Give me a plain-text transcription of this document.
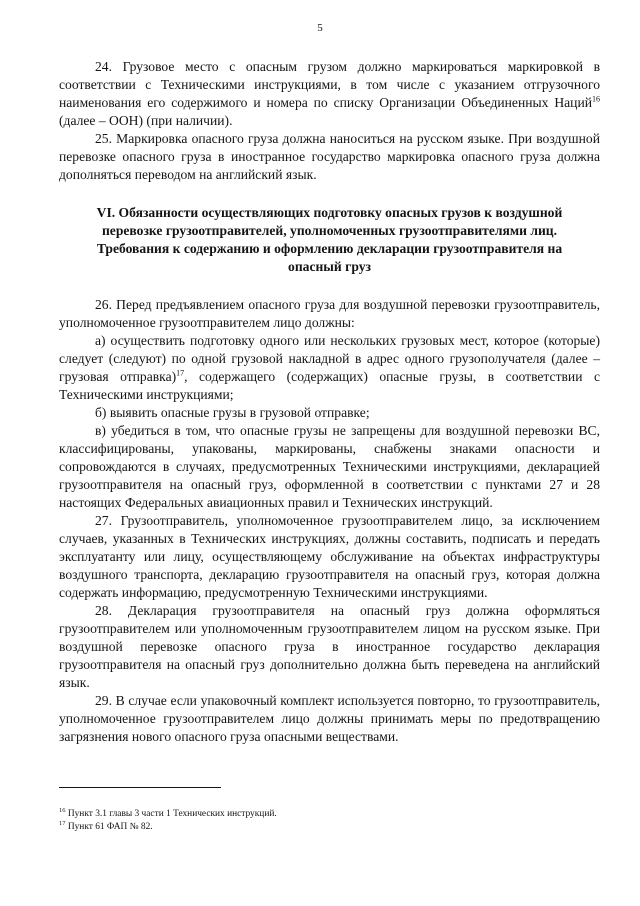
5

24. Грузовое место с опасным грузом должно маркироваться маркировкой в соответствии с Техническими инструкциями, в том числе с указанием отгрузочного наименования его содержимого и номера по списку Организации Объединенных Наций$^{16}$ (далее – ООН) (при наличии).

25. Маркировка опасного груза должна наноситься на русском языке. При воздушной перевозке опасного груза в иностранное государство маркировка опасного груза должна дополняться переводом на английский язык.

VI. Обязанности осуществляющих подготовку опасных грузов к воздушной перевозке грузоотправителей, уполномоченных грузоотправителями лиц. Требования к содержанию и оформлению декларации грузоотправителя на опасный груз

26. Перед предъявлением опасного груза для воздушной перевозки грузоотправитель, уполномоченное грузоотправителем лицо должны:

а) осуществить подготовку одного или нескольких грузовых мест, которое (которые) следует (следуют) по одной грузовой накладной в адрес одного грузополучателя (далее – грузовая отправка)$^{17}$, содержащего (содержащих) опасные грузы, в соответствии с Техническими инструкциями;

б) выявить опасные грузы в грузовой отправке;

в) убедиться в том, что опасные грузы не запрещены для воздушной перевозки ВС, классифицированы, упакованы, маркированы, снабжены знаками опасности и сопровождаются в случаях, предусмотренных Техническими инструкциями, декларацией грузоотправителя на опасный груз, оформленной в соответствии с пунктами 27 и 28 настоящих Федеральных авиационных правил и Технических инструкций.

27. Грузоотправитель, уполномоченное грузоотправителем лицо, за исключением случаев, указанных в Технических инструкциях, должны составить, подписать и передать эксплуатанту или лицу, осуществляющему обслуживание на объектах инфраструктуры воздушного транспорта, декларацию грузоотправителя на опасный груз, которая должна содержать информацию, предусмотренную Техническими инструкциями.

28. Декларация грузоотправителя на опасный груз должна оформляться грузоотправителем или уполномоченным грузоотправителем лицом на русском языке. При воздушной перевозке опасного груза в иностранное государство декларация грузоотправителя на опасный груз дополнительно должна быть переведена на английский язык.

29. В случае если упаковочный комплект используется повторно, то грузоотправитель, уполномоченное грузоотправителем лицо должны принимать меры по предотвращению загрязнения нового опасного груза опасными веществами.

$^{16}$ Пункт 3.1 главы 3 части 1 Технических инструкций.

$^{17}$ Пункт 61 ФАП № 82.
